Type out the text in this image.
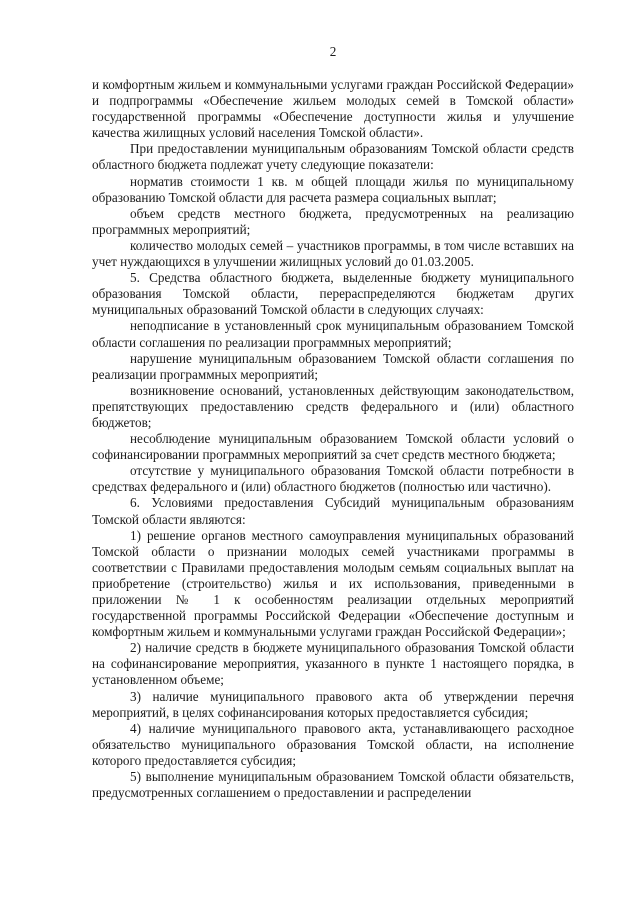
2

и комфортным жильем и коммунальными услугами граждан Российской Федерации» и подпрограммы «Обеспечение жильем молодых семей в Томской области» государственной программы «Обеспечение доступности жилья и улучшение качества жилищных условий населения Томской области».

При предоставлении муниципальным образованиям Томской области средств областного бюджета подлежат учету следующие показатели:

норматив стоимости 1 кв. м общей площади жилья по муниципальному образованию Томской области для расчета размера социальных выплат;

объем средств местного бюджета, предусмотренных на реализацию программных мероприятий;

количество молодых семей – участников программы, в том числе вставших на учет нуждающихся в улучшении жилищных условий до 01.03.2005.

5. Средства областного бюджета, выделенные бюджету муниципального образования Томской области, перераспределяются бюджетам других муниципальных образований Томской области в следующих случаях:

неподписание в установленный срок муниципальным образованием Томской области соглашения по реализации программных мероприятий;

нарушение муниципальным образованием Томской области соглашения по реализации программных мероприятий;

возникновение оснований, установленных действующим законодательством, препятствующих предоставлению средств федерального и (или) областного бюджетов;

несоблюдение муниципальным образованием Томской области условий о софинансировании программных мероприятий за счет средств местного бюджета;

отсутствие у муниципального образования Томской области потребности в средствах федерального и (или) областного бюджетов (полностью или частично).

6. Условиями предоставления Субсидий муниципальным образованиям Томской области являются:

1) решение органов местного самоуправления муниципальных образований Томской области о признании молодых семей участниками программы в соответствии с Правилами предоставления молодым семьям социальных выплат на приобретение (строительство) жилья и их использования, приведенными в приложении № 1 к особенностям реализации отдельных мероприятий государственной программы Российской Федерации «Обеспечение доступным и комфортным жильем и коммунальными услугами граждан Российской Федерации»;

2) наличие средств в бюджете муниципального образования Томской области на софинансирование мероприятия, указанного в пункте 1 настоящего порядка, в установленном объеме;

3) наличие муниципального правового акта об утверждении перечня мероприятий, в целях софинансирования которых предоставляется субсидия;

4) наличие муниципального правового акта, устанавливающего расходное обязательство муниципального образования Томской области, на исполнение которого предоставляется субсидия;

5) выполнение муниципальным образованием Томской области обязательств, предусмотренных соглашением о предоставлении и распределении
